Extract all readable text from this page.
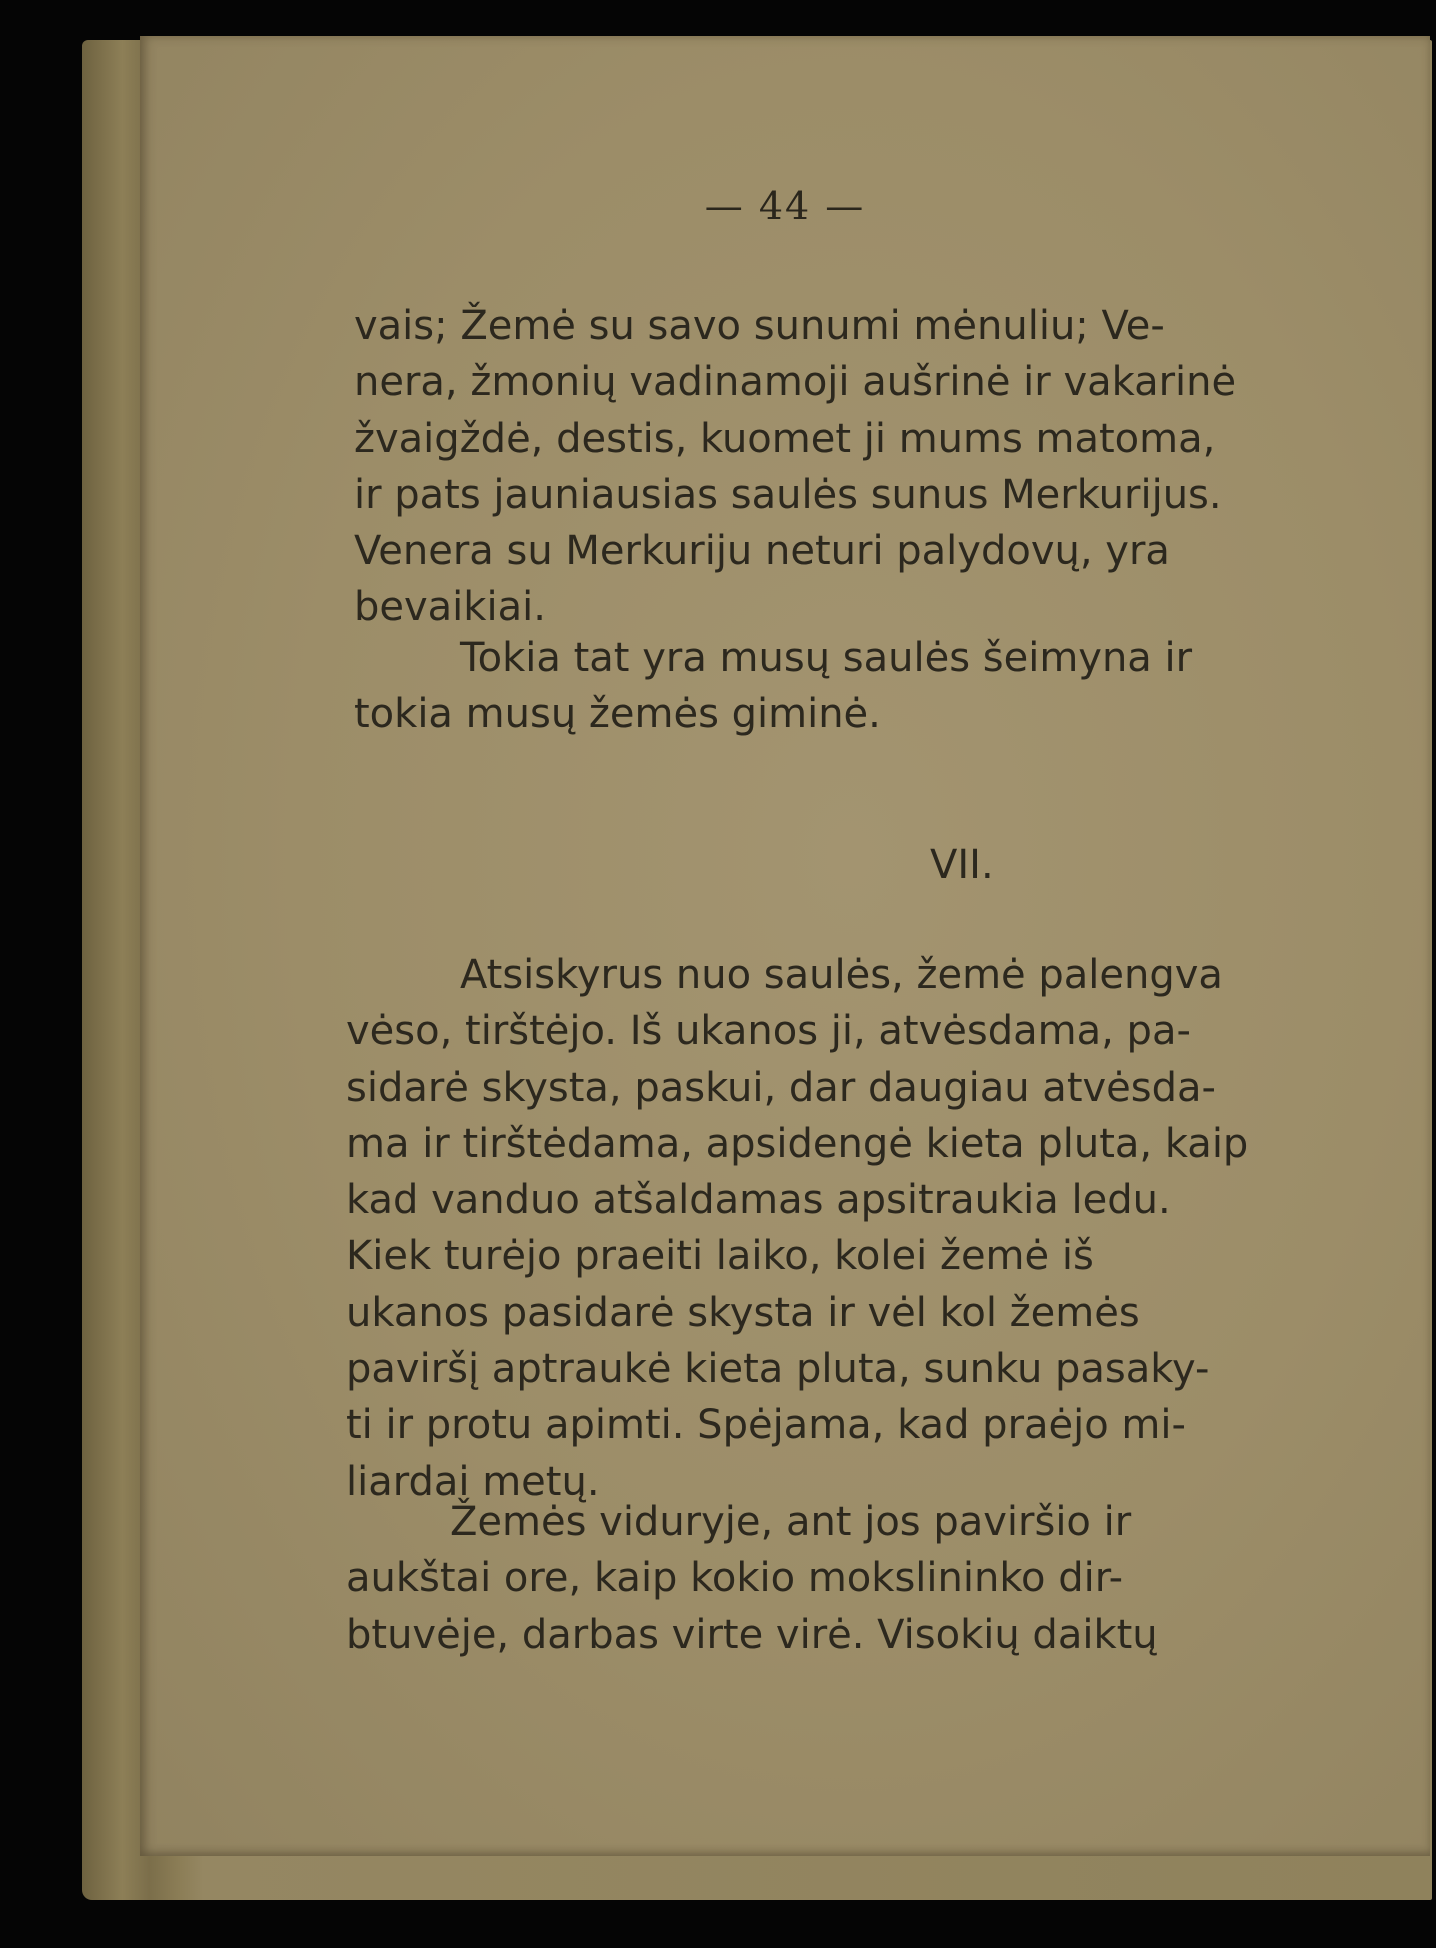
— 44 —
vais; Žemė su savo sunumi mėnuliu; Ve-
nera, žmonių vadinamoji aušrinė ir vakarinė
žvaigždė, destis, kuomet ji mums matoma,
ir pats jauniausias saulės sunus Merkurijus.
Venera su Merkuriju neturi palydovų, yra
bevaikiai.
Tokia tat yra musų saulės šeimyna ir
tokia musų žemės giminė.
VII.
Atsiskyrus nuo saulės, žemė palengva
vėso, tirštėjo. Iš ukanos ji, atvėsdama, pa-
sidarė skysta, paskui, dar daugiau atvėsda-
ma ir tirštėdama, apsidengė kieta pluta, kaip
kad vanduo atšaldamas apsitraukia ledu.
Kiek turėjo praeiti laiko, kolei žemė iš
ukanos pasidarė skysta ir vėl kol žemės
paviršį aptraukė kieta pluta, sunku pasaky-
ti ir protu apimti. Spėjama, kad praėjo mi-
liardai metų.
Žemės viduryje, ant jos paviršio ir
aukštai ore, kaip kokio mokslininko dir-
btuvėje, darbas virte virė. Visokių daiktų
